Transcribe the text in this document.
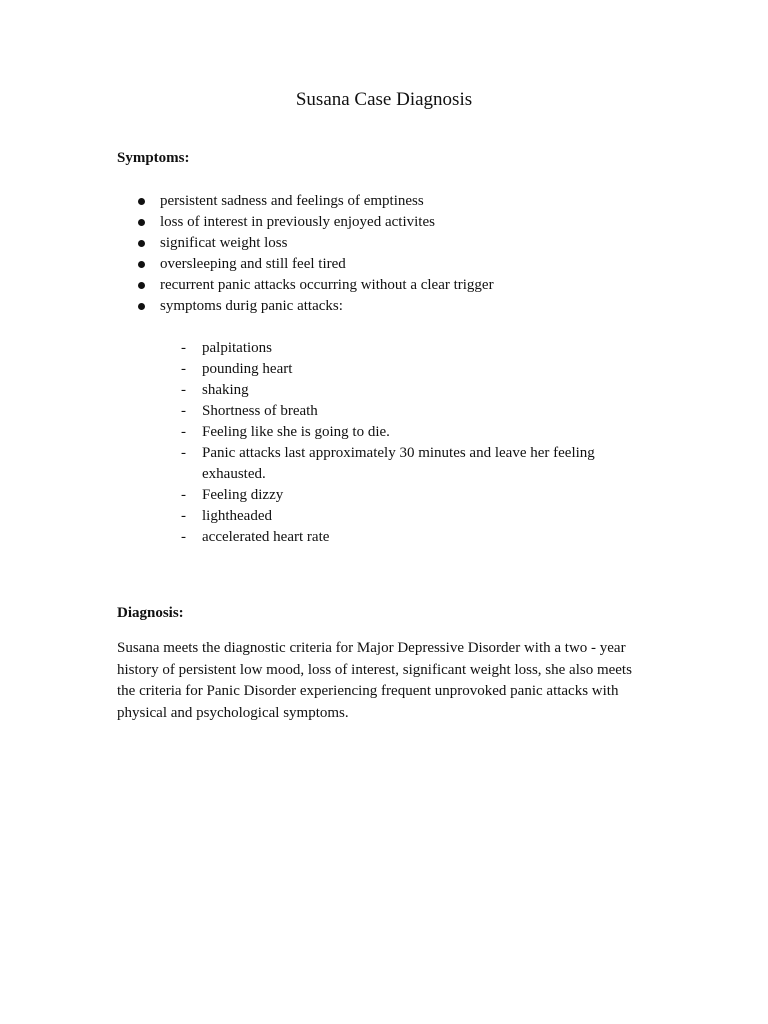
Susana Case Diagnosis
Symptoms:
persistent sadness and feelings of emptiness
loss of interest in previously enjoyed activites
significat weight loss
oversleeping and still feel tired
recurrent panic attacks occurring without a clear trigger
symptoms durig panic attacks:
- palpitations
- pounding heart
- shaking
- Shortness of breath
- Feeling like she is going to die.
- Panic attacks last approximately 30 minutes and leave her feeling exhausted.
- Feeling dizzy
- lightheaded
- accelerated heart rate
Diagnosis:

Susana meets the diagnostic criteria for Major Depressive Disorder with a two - year
history of persistent low mood, loss of interest, significant weight loss, she also meets
the criteria for Panic Disorder experiencing frequent unprovoked panic attacks with
physical and psychological symptoms.
